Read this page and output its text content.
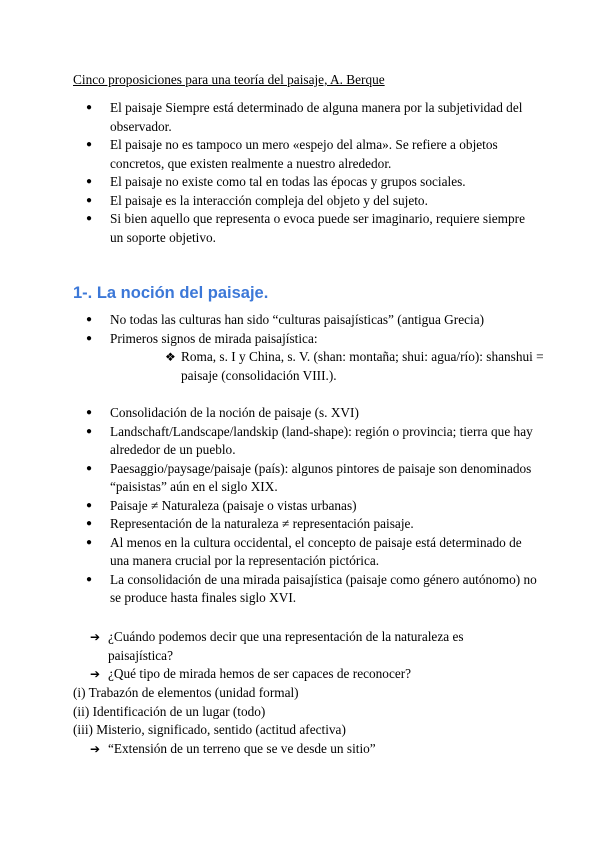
Cinco proposiciones para una teoría del paisaje, A. Berque
● El paisaje Siempre está determinado de alguna manera por la subjetividad del observador.
● El paisaje no es tampoco un mero «espejo del alma». Se refiere a objetos concretos, que existen realmente a nuestro alrededor.
● El paisaje no existe como tal en todas las épocas y grupos sociales.
● El paisaje es la interacción compleja del objeto y del sujeto.
● Si bien aquello que representa o evoca puede ser imaginario, requiere siempre un soporte objetivo.
1-. La noción del paisaje.
● No todas las culturas han sido “culturas paisajísticas” (antigua Grecia)
● Primeros signos de mirada paisajística:
❖ Roma, s. I y China, s. V. (shan: montaña; shui: agua/río): shanshui = paisaje (consolidación VIII.).
● Consolidación de la noción de paisaje (s. XVI)
● Landschaft/Landscape/landskip (land-shape): región o provincia; tierra que hay alrededor de un pueblo.
● Paesaggio/paysage/paisaje (país): algunos pintores de paisaje son denominados “paisistas” aún en el siglo XIX.
● Paisaje ≠ Naturaleza (paisaje o vistas urbanas)
● Representación de la naturaleza ≠ representación paisaje.
● Al menos en la cultura occidental, el concepto de paisaje está determinado de una manera crucial por la representación pictórica.
● La consolidación de una mirada paisajística (paisaje como género autónomo) no se produce hasta finales siglo XVI.
➔ ¿Cuándo podemos decir que una representación de la naturaleza es paisajística?
➔ ¿Qué tipo de mirada hemos de ser capaces de reconocer?
(i) Trabazón de elementos (unidad formal)
(ii) Identificación de un lugar (todo)
(iii) Misterio, significado, sentido (actitud afectiva)
➔ “Extensión de un terreno que se ve desde un sitio”
